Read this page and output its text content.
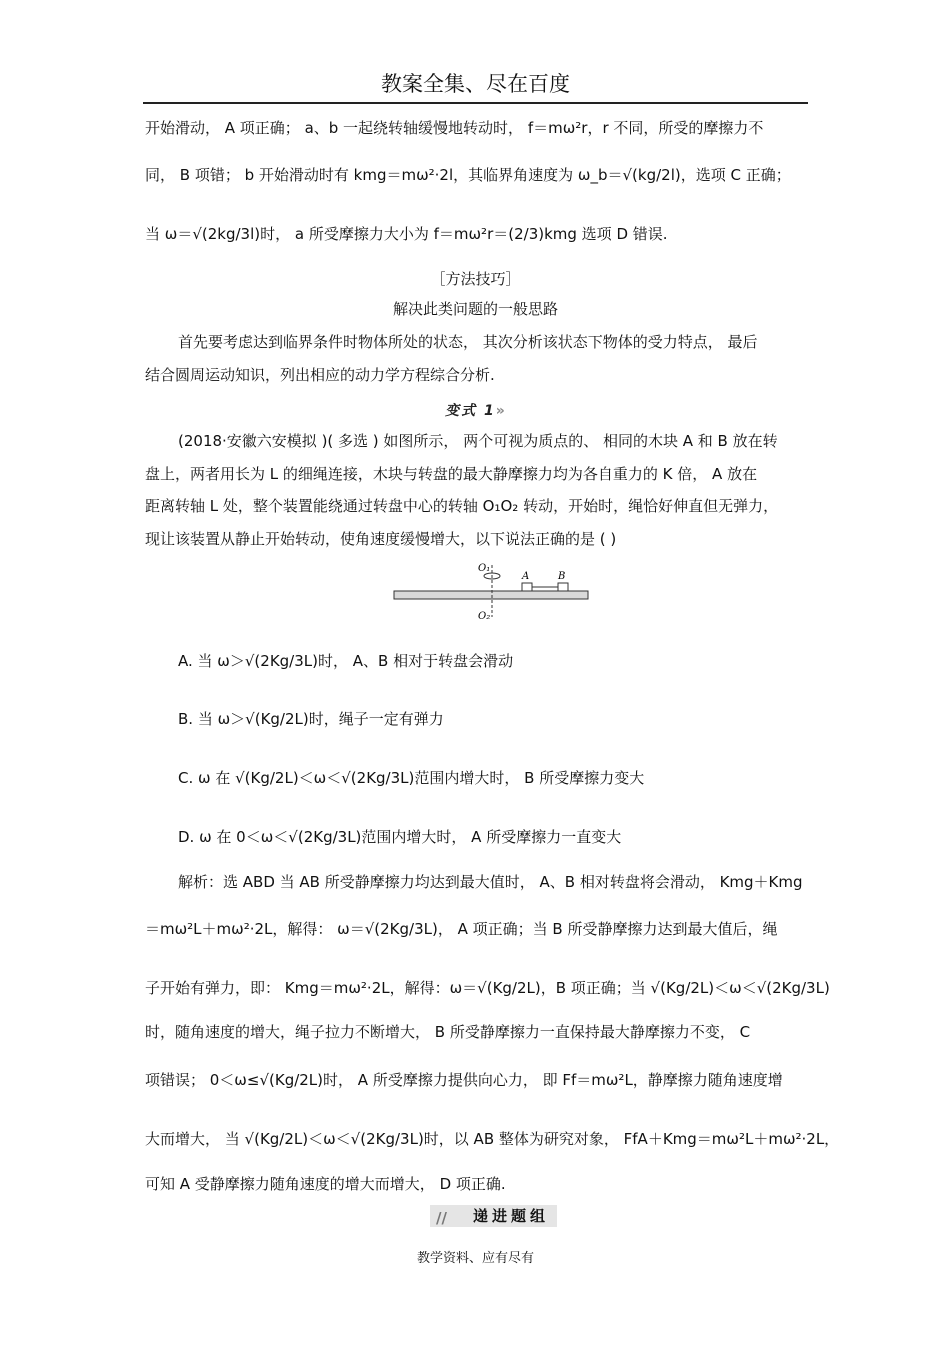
教案全集、尽在百度
开始滑动， A 项正确； a、b 一起绕转轴缓慢地转动时， f＝mω²r，r 不同，所受的摩擦力不
同， B 项错； b 开始滑动时有 kmg＝mω²·2l，其临界角速度为 ω_b＝√(kg/2l)，选项 C 正确；
当 ω＝√(2kg/3l)时， a 所受摩擦力大小为 f＝mω²r＝(2/3)kmg 选项 D 错误.
［方法技巧］
解决此类问题的一般思路
首先要考虑达到临界条件时物体所处的状态， 其次分析该状态下物体的受力特点， 最后
结合圆周运动知识，列出相应的动力学方程综合分析.
变式 1»
(2018·安徽六安模拟 )( 多选 ) 如图所示， 两个可视为质点的、 相同的木块 A 和 B 放在转
盘上，两者用长为 L 的细绳连接，木块与转盘的最大静摩擦力均为各自重力的 K 倍， A 放在
距离转轴 L 处，整个装置能绕通过转盘中心的转轴 O₁O₂ 转动，开始时，绳恰好伸直但无弹力，
现让该装置从静止开始转动，使角速度缓慢增大，以下说法正确的是 ( )
O₁
O₂
A	B
A. 当 ω＞√(2Kg/3L)时， A、B 相对于转盘会滑动
B. 当 ω＞√(Kg/2L)时，绳子一定有弹力
C. ω 在 √(Kg/2L)＜ω＜√(2Kg/3L)范围内增大时， B 所受摩擦力变大
D. ω 在 0＜ω＜√(2Kg/3L)范围内增大时， A 所受摩擦力一直变大
解析：选 ABD 当 AB 所受静摩擦力均达到最大值时， A、B 相对转盘将会滑动， Kmg＋Kmg
＝mω²L＋mω²·2L，解得： ω＝√(2Kg/3L)， A 项正确；当 B 所受静摩擦力达到最大值后，绳
子开始有弹力，即： Kmg＝mω²·2L，解得：ω＝√(Kg/2L)，B 项正确；当 √(Kg/2L)＜ω＜√(2Kg/3L)
时，随角速度的增大，绳子拉力不断增大， B 所受静摩擦力一直保持最大静摩擦力不变， C
项错误； 0＜ω≤√(Kg/2L)时， A 所受摩擦力提供向心力， 即 Ff＝mω²L，静摩擦力随角速度增
大而增大， 当 √(Kg/2L)＜ω＜√(2Kg/3L)时，以 AB 整体为研究对象， FfA＋Kmg＝mω²L＋mω²·2L，
可知 A 受静摩擦力随角速度的增大而增大， D 项正确.
// 递进题组
教学资料、应有尽有
